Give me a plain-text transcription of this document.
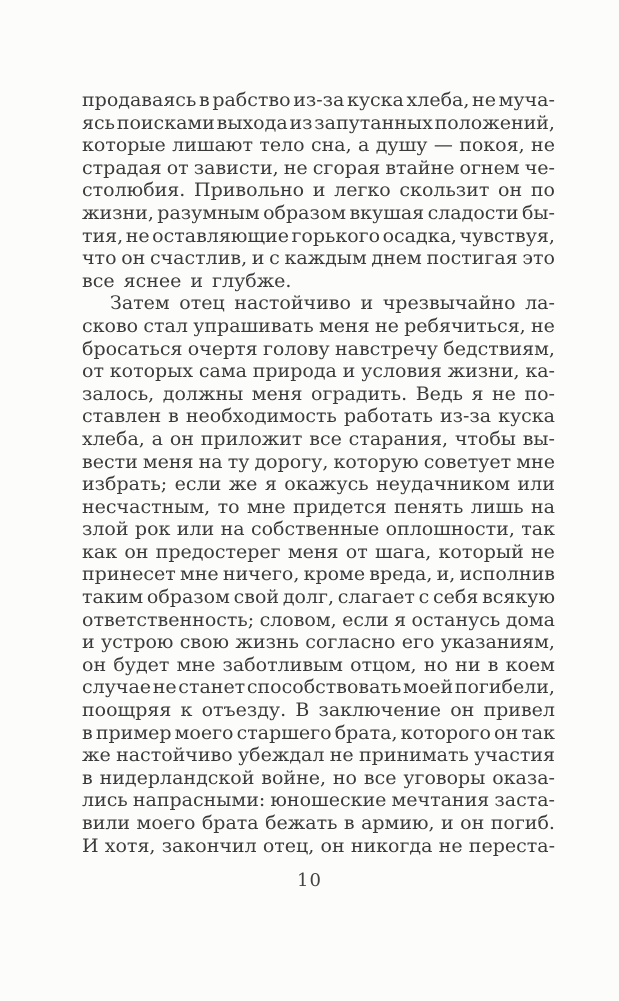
продаваясь в рабство из-за куска хлеба, не муча-
ясь поисками выхода из запутанных положений,
которые лишают тело сна, а душу — покоя, не
страдая от зависти, не сгорая втайне огнем че-
столюбия. Привольно и легко скользит он по
жизни, разумным образом вкушая сладости бы-
тия, не оставляющие горького осадка, чувствуя,
что он счастлив, и с каждым днем постигая это
все яснее и глубже.
Затем отец настойчиво и чрезвычайно ла-
сково стал упрашивать меня не ребячиться, не
бросаться очертя голову навстречу бедствиям,
от которых сама природа и условия жизни, ка-
залось, должны меня оградить. Ведь я не по-
ставлен в необходимость работать из-за куска
хлеба, а он приложит все старания, чтобы вы-
вести меня на ту дорогу, которую советует мне
избрать; если же я окажусь неудачником или
несчастным, то мне придется пенять лишь на
злой рок или на собственные оплошности, так
как он предостерег меня от шага, который не
принесет мне ничего, кроме вреда, и, исполнив
таким образом свой долг, слагает с себя всякую
ответственность; словом, если я останусь дома
и устрою свою жизнь согласно его указаниям,
он будет мне заботливым отцом, но ни в коем
случае не станет способствовать моей погибели,
поощряя к отъезду. В заключение он привел
в пример моего старшего брата, которого он так
же настойчиво убеждал не принимать участия
в нидерландской войне, но все уговоры оказа-
лись напрасными: юношеские мечтания заста-
вили моего брата бежать в армию, и он погиб.
И хотя, закончил отец, он никогда не переста-
10
